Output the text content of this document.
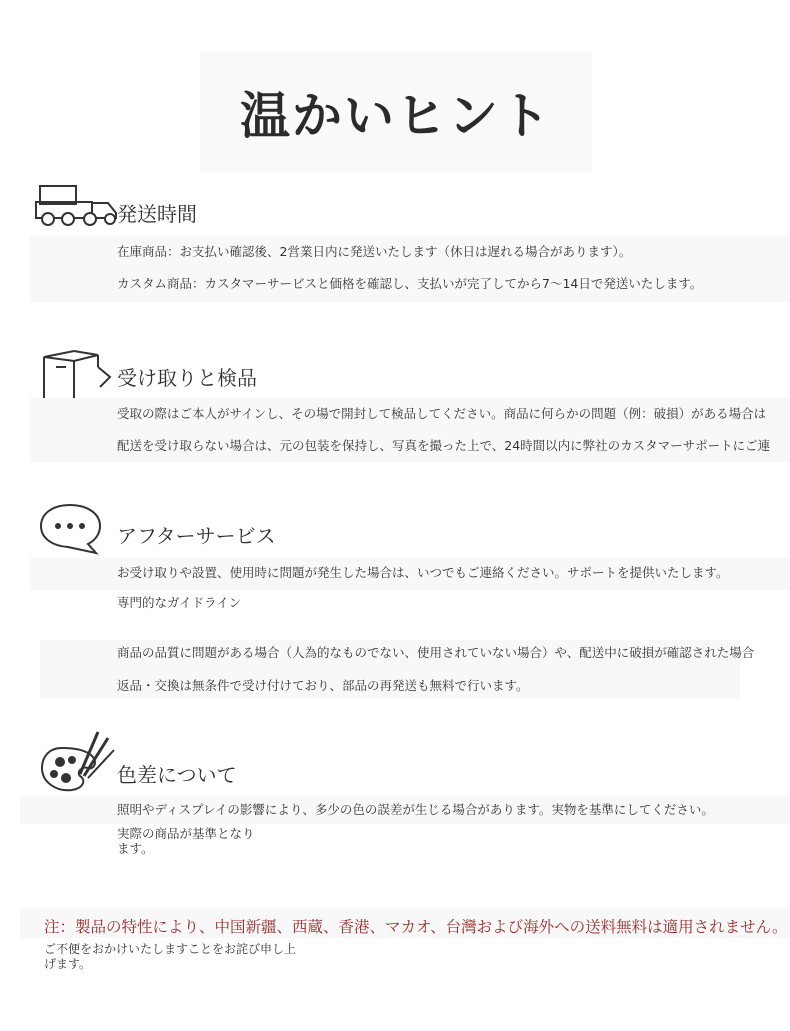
温かいヒント
発送時間
在庫商品：お支払い確認後、2営業日内に発送いたします（休日は遅れる場合があります）。
カスタム商品：カスタマーサービスと価格を確認し、支払いが完了してから7〜14日で発送いたします。
受け取りと検品
受取の際はご本人がサインし、その場で開封して検品してください。商品に何らかの問題（例：破損）がある場合は
配送を受け取らない場合は、元の包装を保持し、写真を撮った上で、24時間以内に弊社のカスタマーサポートにご連
アフターサービス
お受け取りや設置、使用時に問題が発生した場合は、いつでもご連絡ください。サポートを提供いたします。
専門的なガイドライン
商品の品質に問題がある場合（人為的なものでない、使用されていない場合）や、配送中に破損が確認された場合
返品・交換は無条件で受け付けており、部品の再発送も無料で行います。
色差について
照明やディスプレイの影響により、多少の色の誤差が生じる場合があります。実物を基準にしてください。
実際の商品が基準となります。
注：製品の特性により、中国新疆、西蔵、香港、マカオ、台灣および海外への送料無料は適用されません。
ご不便をおかけいたしますことをお詫び申し上げます。
